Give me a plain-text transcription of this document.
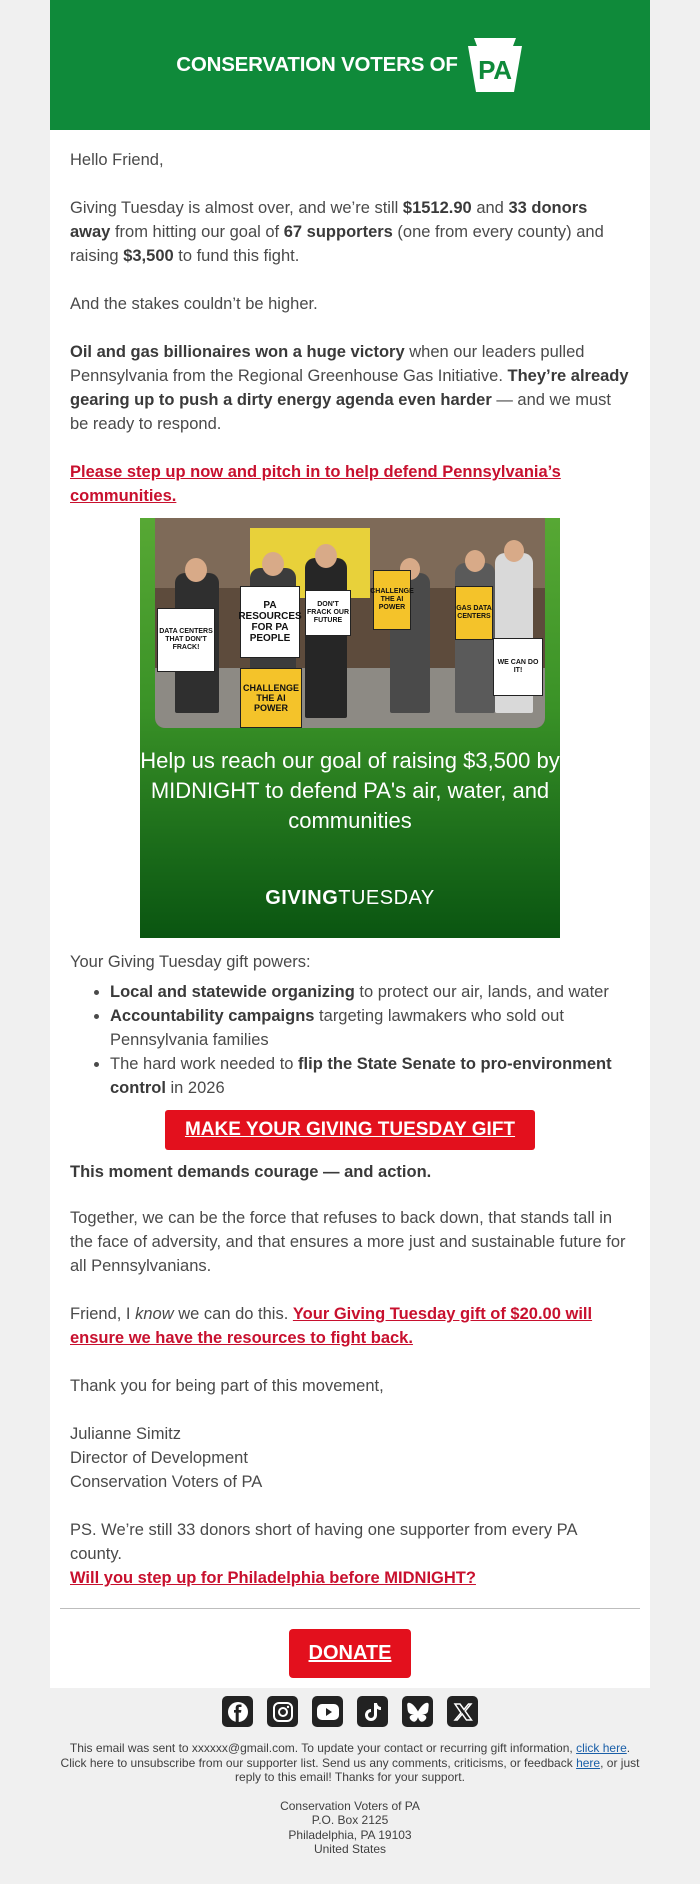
CONSERVATION VOTERS OF PA

Hello Friend,

Giving Tuesday is almost over, and we’re still $1512.90 and 33 donors away from hitting our goal of 67 supporters (one from every county) and raising $3,500 to fund this fight.

And the stakes couldn’t be higher.

Oil and gas billionaires won a huge victory when our leaders pulled Pennsylvania from the Regional Greenhouse Gas Initiative. They’re already gearing up to push a dirty energy agenda even harder — and we must be ready to respond.

Please step up now and pitch in to help defend Pennsylvania’s communities.

DATA CENTERS THAT DON'T FRACK!
PA RESOURCES FOR PA PEOPLE
DON'T FRACK OUR FUTURE
CHALLENGE THE AI POWER
CHALLENGE THE AI POWER	GAS DATA CENTERS
WE CAN DO IT!
Help us reach our goal of raising $3,500 by MIDNIGHT to defend PA's air, water, and communities
GIVINGTUESDAY

Your Giving Tuesday gift powers:

• Local and statewide organizing to protect our air, lands, and water
• Accountability campaigns targeting lawmakers who sold out Pennsylvania families
• The hard work needed to flip the State Senate to pro-environment control in 2026
MAKE YOUR GIVING TUESDAY GIFT

This moment demands courage — and action.

Together, we can be the force that refuses to back down, that stands tall in the face of adversity, and that ensures a more just and sustainable future for all Pennsylvanians.

Friend, I know we can do this. Your Giving Tuesday gift of $20.00 will ensure we have the resources to fight back.

Thank you for being part of this movement,

Julianne Simitz
Director of Development
Conservation Voters of PA

PS. We’re still 33 donors short of having one supporter from every PA county.
Will you step up for Philadelphia before MIDNIGHT?

DONATE
This email was sent to xxxxxx@gmail.com. To update your contact or recurring gift information, click here.
Click here to unsubscribe from our supporter list. Send us any comments, criticisms, or feedback here, or just reply to this email! Thanks for your support.
Conservation Voters of PA
P.O. Box 2125
Philadelphia, PA 19103
United States
